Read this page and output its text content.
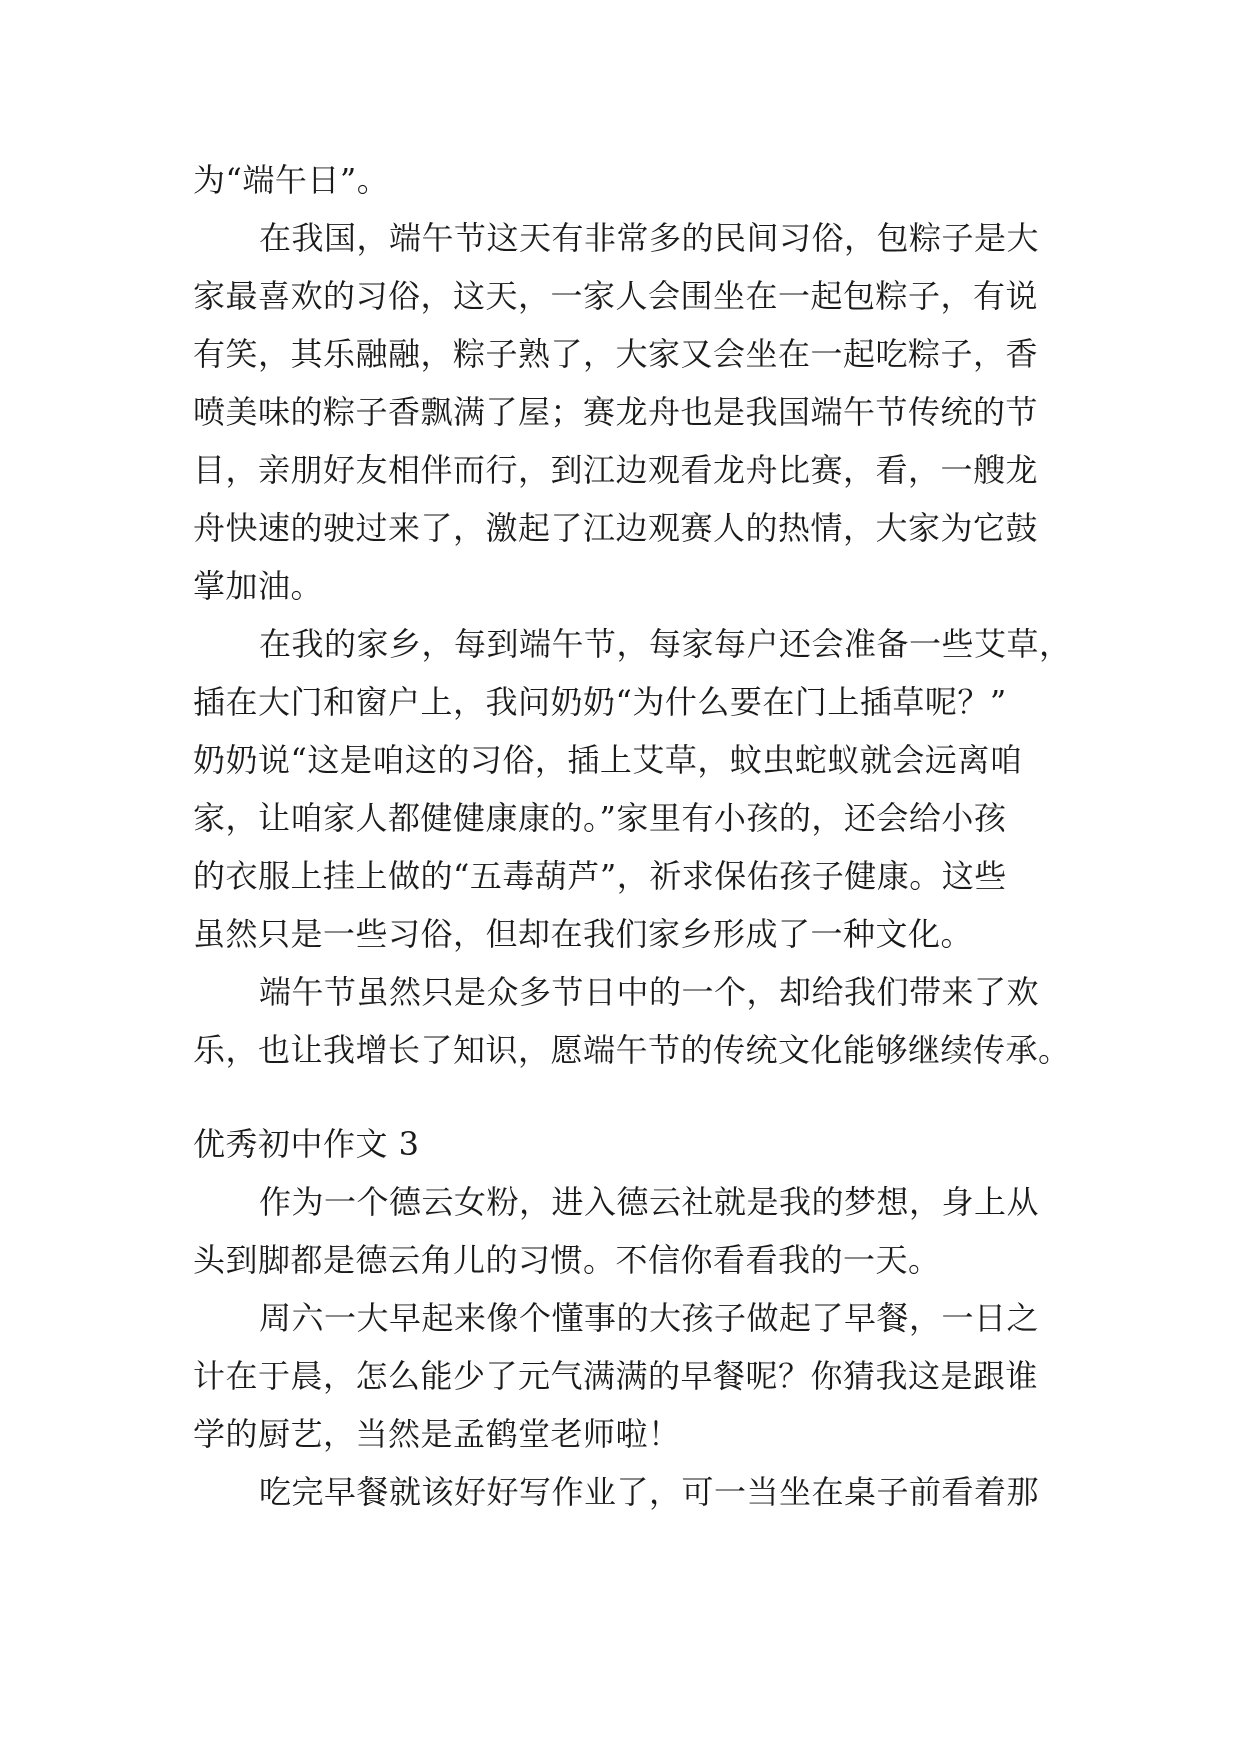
为“端午日”。
在我国，端午节这天有非常多的民间习俗，包粽子是大
家最喜欢的习俗，这天，一家人会围坐在一起包粽子，有说
有笑，其乐融融，粽子熟了，大家又会坐在一起吃粽子，香
喷美味的粽子香飘满了屋；赛龙舟也是我国端午节传统的节
目，亲朋好友相伴而行，到江边观看龙舟比赛，看，一艘龙
舟快速的驶过来了，激起了江边观赛人的热情，大家为它鼓
掌加油。
在我的家乡，每到端午节，每家每户还会准备一些艾草，
插在大门和窗户上，我问奶奶“为什么要在门上插草呢？”
奶奶说“这是咱这的习俗，插上艾草，蚊虫蛇蚁就会远离咱
家，让咱家人都健健康康的。”家里有小孩的，还会给小孩
的衣服上挂上做的“五毒葫芦”，祈求保佑孩子健康。这些
虽然只是一些习俗，但却在我们家乡形成了一种文化。
端午节虽然只是众多节日中的一个，却给我们带来了欢
乐，也让我增长了知识，愿端午节的传统文化能够继续传承。
优秀初中作文 3
作为一个德云女粉，进入德云社就是我的梦想，身上从
头到脚都是德云角儿的习惯。不信你看看我的一天。
周六一大早起来像个懂事的大孩子做起了早餐，一日之
计在于晨，怎么能少了元气满满的早餐呢？你猜我这是跟谁
学的厨艺，当然是孟鹤堂老师啦！
吃完早餐就该好好写作业了，可一当坐在桌子前看着那
